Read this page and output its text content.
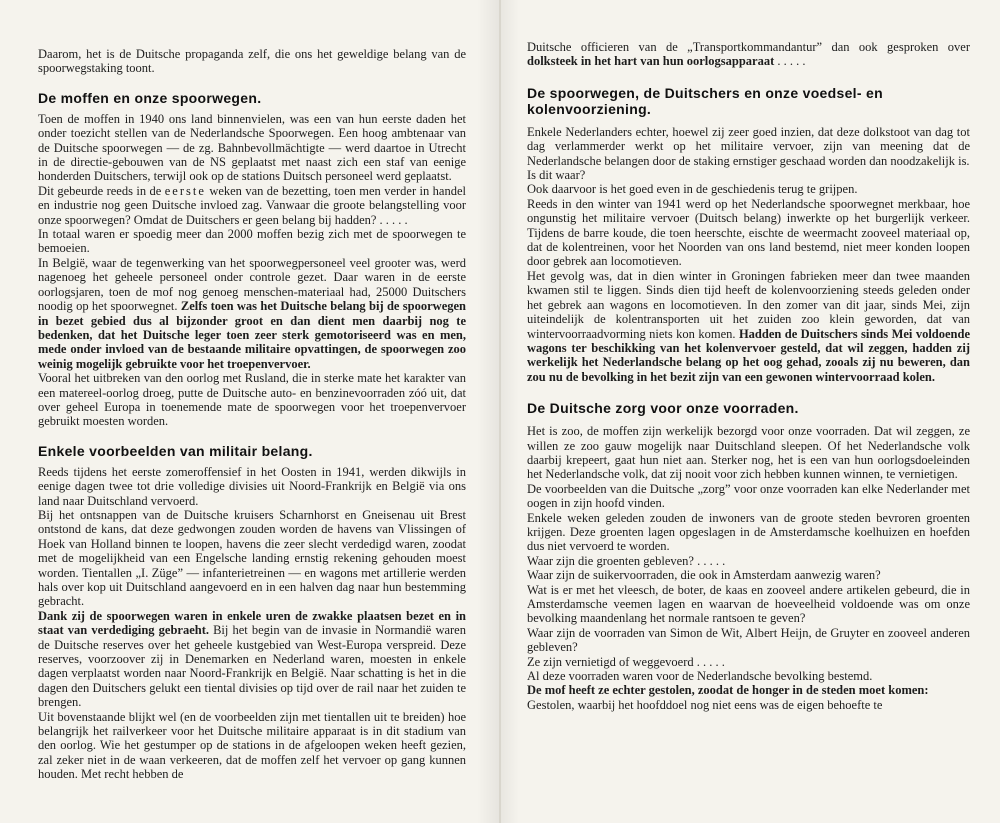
Daarom, het is de Duitsche propaganda zelf, die ons het geweldige belang van de spoorwegstaking toont.

De moffen en onze spoorwegen.

Toen de moffen in 1940 ons land binnenvielen, was een van hun eerste daden het onder toezicht stellen van de Nederlandsche Spoorwegen. Een hoog ambtenaar van de Duitsche spoorwegen — de zg. Bahnbevollmächtigte — werd daartoe in Utrecht in de directie-gebouwen van de NS geplaatst met naast zich een staf van eenige honderden Duitschers, terwijl ook op de stations Duitsch personeel werd geplaatst.

Dit gebeurde reeds in de eerste weken van de bezetting, toen men verder in handel en industrie nog geen Duitsche invloed zag. Vanwaar die groote belangstelling voor onze spoorwegen? Omdat de Duitschers er geen belang bij hadden? . . . . .

In totaal waren er spoedig meer dan 2000 moffen bezig zich met de spoorwegen te bemoeien.

In België, waar de tegenwerking van het spoorwegpersoneel veel grooter was, werd nagenoeg het geheele personeel onder controle gezet. Daar waren in de eerste oorlogsjaren, toen de mof nog genoeg menschen-materiaal had, 25000 Duitschers noodig op het spoorwegnet. Zelfs toen was het Duitsche belang bij de spoorwegen in bezet gebied dus al bijzonder groot en dan dient men daarbij nog te bedenken, dat het Duitsche leger toen zeer sterk gemotoriseerd was en men, mede onder invloed van de bestaande militaire opvattingen, de spoorwegen zoo weinig mogelijk gebruikte voor het troepenvervoer.

Vooral het uitbreken van den oorlog met Rusland, die in sterke mate het karakter van een matereel-oorlog droeg, putte de Duitsche auto- en benzinevoorraden zóó uit, dat over geheel Europa in toenemende mate de spoorwegen voor het troepenvervoer gebruikt moesten worden.

Enkele voorbeelden van militair belang.

Reeds tijdens het eerste zomeroffensief in het Oosten in 1941, werden dikwijls in eenige dagen twee tot drie volledige divisies uit Noord-Frankrijk en België via ons land naar Duitschland vervoerd.

Bij het ontsnappen van de Duitsche kruisers Scharnhorst en Gneisenau uit Brest ontstond de kans, dat deze gedwongen zouden worden de havens van Vlissingen of Hoek van Holland binnen te loopen, havens die zeer slecht verdedigd waren, zoodat met de mogelijkheid van een Engelsche landing ernstig rekening gehouden moest worden. Tientallen „I. Züge” — infanterietreinen — en wagons met artillerie werden hals over kop uit Duitschland aangevoerd en in een halven dag naar hun bestemming gebracht.

Dank zij de spoorwegen waren in enkele uren de zwakke plaatsen bezet en in staat van verdediging gebraeht. Bij het begin van de invasie in Normandië waren de Duitsche reserves over het geheele kustgebied van West-Europa verspreid. Deze reserves, voorzoover zij in Denemarken en Nederland waren, moesten in enkele dagen verplaatst worden naar Noord-Frankrijk en België. Naar schatting is het in die dagen den Duitschers gelukt een tiental divisies op tijd over de rail naar het zuiden te brengen.

Uit bovenstaande blijkt wel (en de voorbeelden zijn met tientallen uit te breiden) hoe belangrijk het railverkeer voor het Duitsche militaire apparaat is in dit stadium van den oorlog. Wie het gestumper op de stations in de afgeloopen weken heeft gezien, zal zeker niet in de waan verkeeren, dat de moffen zelf het vervoer op gang kunnen houden. Met recht hebben de

Duitsche officieren van de „Transportkommandantur” dan ook gesproken over dolksteek in het hart van hun oorlogsapparaat . . . . .

De spoorwegen, de Duitschers en onze voedsel- en kolenvoorziening.

Enkele Nederlanders echter, hoewel zij zeer goed inzien, dat deze dolkstoot van dag tot dag verlammerder werkt op het militaire vervoer, zijn van meening dat de Nederlandsche belangen door de staking ernstiger geschaad worden dan noodzakelijk is.

Is dit waar?

Ook daarvoor is het goed even in de geschiedenis terug te grijpen.

Reeds in den winter van 1941 werd op het Nederlandsche spoorwegnet merkbaar, hoe ongunstig het militaire vervoer (Duitsch belang) inwerkte op het burgerlijk verkeer. Tijdens de barre koude, die toen heerschte, eischte de weermacht zooveel materiaal op, dat de kolentreinen, voor het Noorden van ons land bestemd, niet meer konden loopen door gebrek aan locomotieven.

Het gevolg was, dat in dien winter in Groningen fabrieken meer dan twee maanden kwamen stil te liggen. Sinds dien tijd heeft de kolenvoorziening steeds geleden onder het gebrek aan wagons en locomotieven. In den zomer van dit jaar, sinds Mei, zijn uiteindelijk de kolentransporten uit het zuiden zoo klein geworden, dat van wintervoorraadvorming niets kon komen. Hadden de Duitschers sinds Mei voldoende wagons ter beschikking van het kolenvervoer gesteld, dat wil zeggen, hadden zij werkelijk het Nederlandsche belang op het oog gehad, zooals zij nu beweren, dan zou nu de bevolking in het bezit zijn van een gewonen wintervoorraad kolen.

De Duitsche zorg voor onze voorraden.

Het is zoo, de moffen zijn werkelijk bezorgd voor onze voorraden. Dat wil zeggen, ze willen ze zoo gauw mogelijk naar Duitschland sleepen. Of het Nederlandsche volk daarbij krepeert, gaat hun niet aan. Sterker nog, het is een van hun oorlogsdoeleinden het Nederlandsche volk, dat zij nooit voor zich hebben kunnen winnen, te vernietigen.

De voorbeelden van die Duitsche „zorg” voor onze voorraden kan elke Nederlander met oogen in zijn hoofd vinden.

Enkele weken geleden zouden de inwoners van de groote steden bevroren groenten krijgen. Deze groenten lagen opgeslagen in de Amsterdamsche koelhuizen en hoefden dus niet vervoerd te worden.

Waar zijn die groenten gebleven? . . . . .

Waar zijn de suikervoorraden, die ook in Amsterdam aanwezig waren?

Wat is er met het vleesch, de boter, de kaas en zooveel andere artikelen gebeurd, die in Amsterdamsche veemen lagen en waarvan de hoeveelheid voldoende was om onze bevolking maandenlang het normale rantsoen te geven?

Waar zijn de voorraden van Simon de Wit, Albert Heijn, de Gruyter en zooveel anderen gebleven?

Ze zijn vernietigd of weggevoerd . . . . .

Al deze voorraden waren voor de Nederlandsche bevolking bestemd.

De mof heeft ze echter gestolen, zoodat de honger in de steden moet komen:

Gestolen, waarbij het hoofddoel nog niet eens was de eigen behoefte te
